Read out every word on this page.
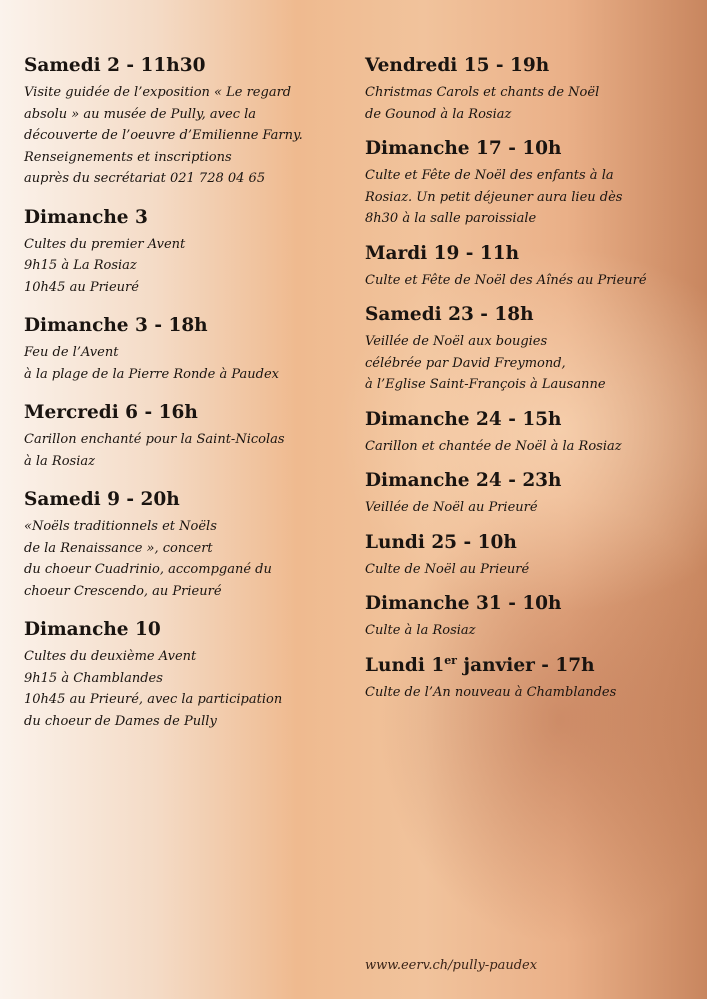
Samedi 2 - 11h30
Visite guidée de l’exposition « Le regard
absolu » au musée de Pully, avec la
découverte de l’oeuvre d’Emilienne Farny.
Renseignements et inscriptions
auprès du secrétariat 021 728 04 65
Dimanche 3
Cultes du premier Avent
9h15 à La Rosiaz
10h45 au Prieuré
Dimanche 3 - 18h
Feu de l’Avent
à la plage de la Pierre Ronde à Paudex
Mercredi 6 - 16h
Carillon enchanté pour la Saint-Nicolas
à la Rosiaz
Samedi 9 - 20h
«Noëls traditionnels et Noëls
de la Renaissance », concert
du choeur Cuadrinio, accompgané du
choeur Crescendo, au Prieuré
Dimanche 10
Cultes du deuxième Avent
9h15 à Chamblandes
10h45 au Prieuré, avec la participation
du choeur de Dames de Pully
Vendredi 15 - 19h
Christmas Carols et chants de Noël
de Gounod à la Rosiaz
Dimanche 17 - 10h
Culte et Fête de Noël des enfants à la
Rosiaz. Un petit déjeuner aura lieu dès
8h30 à la salle paroissiale
Mardi 19 - 11h
Culte et Fête de Noël des Aînés au Prieuré
Samedi 23 - 18h
Veillée de Noël aux bougies
célébrée par David Freymond,
à l’Eglise Saint-François à Lausanne
Dimanche 24 - 15h
Carillon et chantée de Noël à la Rosiaz
Dimanche 24 - 23h
Veillée de Noël au Prieuré
Lundi 25 - 10h
Culte de Noël au Prieuré
Dimanche 31 - 10h
Culte à la Rosiaz
Lundi 1er janvier - 17h
Culte de l’An nouveau à Chamblandes
www.eerv.ch/pully-paudex
